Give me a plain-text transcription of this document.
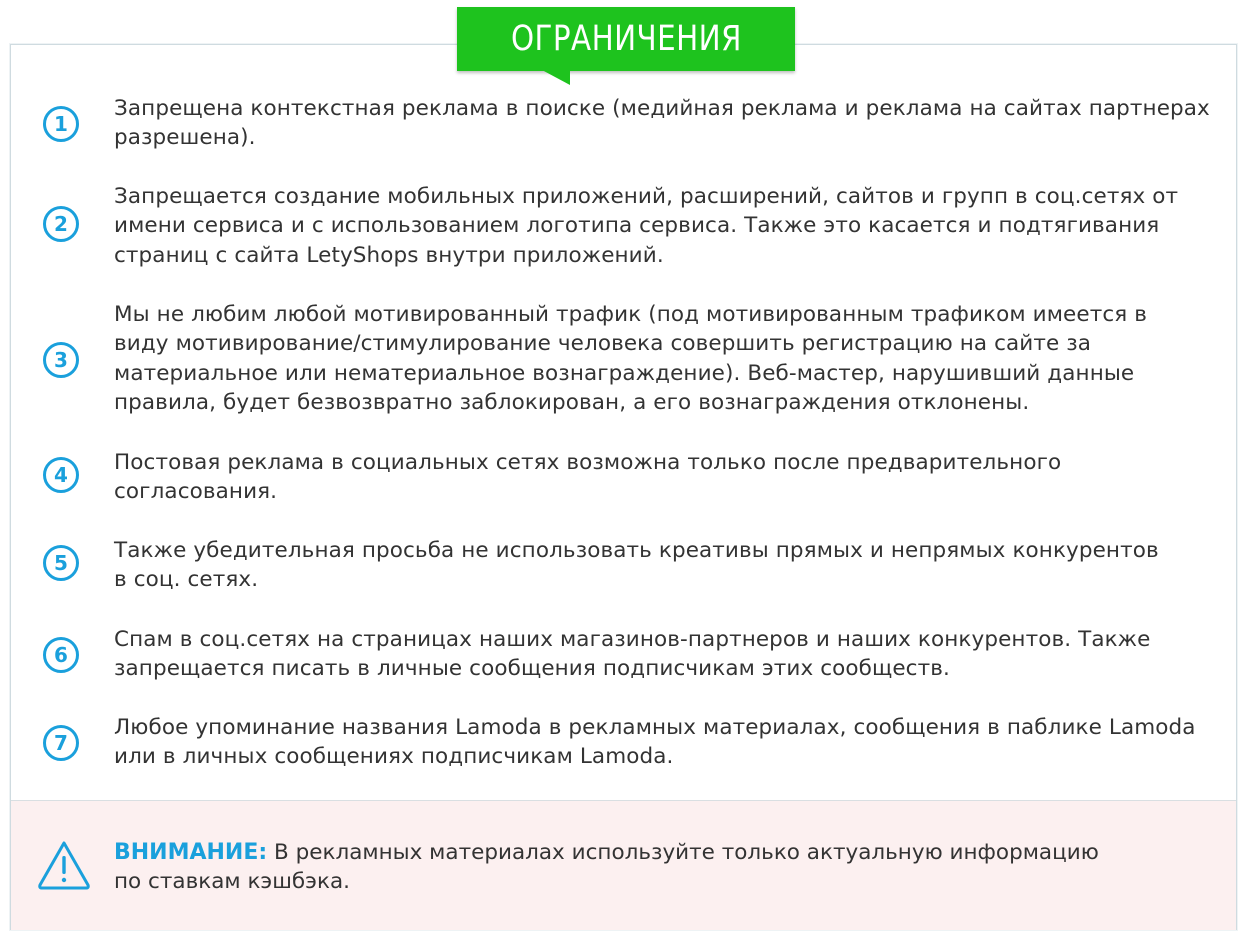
ОГРАНИЧЕНИЯ
1
Запрещена контекстная реклама в поиске (медийная реклама и реклама на сайтах партнерах
разрешена).
2
Запрещается создание мобильных приложений, расширений, сайтов и групп в соц.сетях от
имени сервиса и с использованием логотипа сервиса. Также это касается и подтягивания
страниц с сайта LetyShops внутри приложений.
3
Мы не любим любой мотивированный трафик (под мотивированным трафиком имеется в
виду мотивирование/стимулирование человека совершить регистрацию на сайте за
материальное или нематериальное вознаграждение). Веб-мастер, нарушивший данные
правила, будет безвозвратно заблокирован, а его вознаграждения отклонены.
4	Постовая реклама в социальных сетях возможна только после предварительного
согласования.
5	Также убедительная просьба не использовать креативы прямых и непрямых конкурентов
в соц. сетях.
6
Спам в соц.сетях на страницах наших магазинов-партнеров и наших конкурентов. Также
запрещается писать в личные сообщения подписчикам этих сообществ.
7
Любое упоминание названия Lamoda в рекламных материалах, сообщения в паблике Lamoda
или в личных сообщениях подписчикам Lamoda.
ВНИМАНИЕ: В рекламных материалах используйте только актуальную информацию
по ставкам кэшбэка.
